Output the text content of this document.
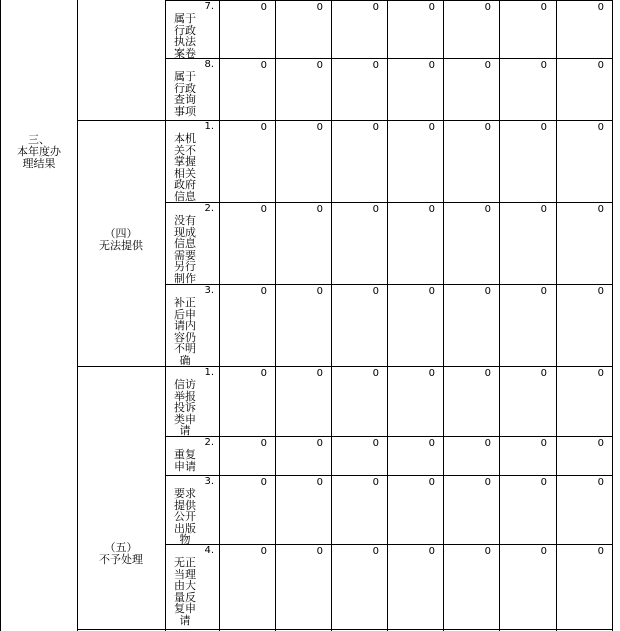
三、
本年度办
理结果
7.
属于
行政
执法
案卷
0	0	0	0	0	0	0
8.
属于
行政
查询
事项
0	0	0	0	0	0	0
（四）
无法提供
1.
本机
关不
掌握
相关
政府
信息
0	0	0	0	0	0	0
2.
没有
现成
信息
需要
另行
制作
0	0	0	0	0	0	0
3.
补正
后申
请内
容仍
不明
确
0	0	0	0	0	0	0
（五）
不予处理
1.
信访
举报
投诉
类申
请
0	0	0	0	0	0	0
2.
重复
申请
0	0	0	0	0	0	0
3.
要求
提供
公开
出版
物
0	0	0	0	0	0	0
4.
无正
当理
由大
量反
复申
请
0	0	0	0	0	0	0
